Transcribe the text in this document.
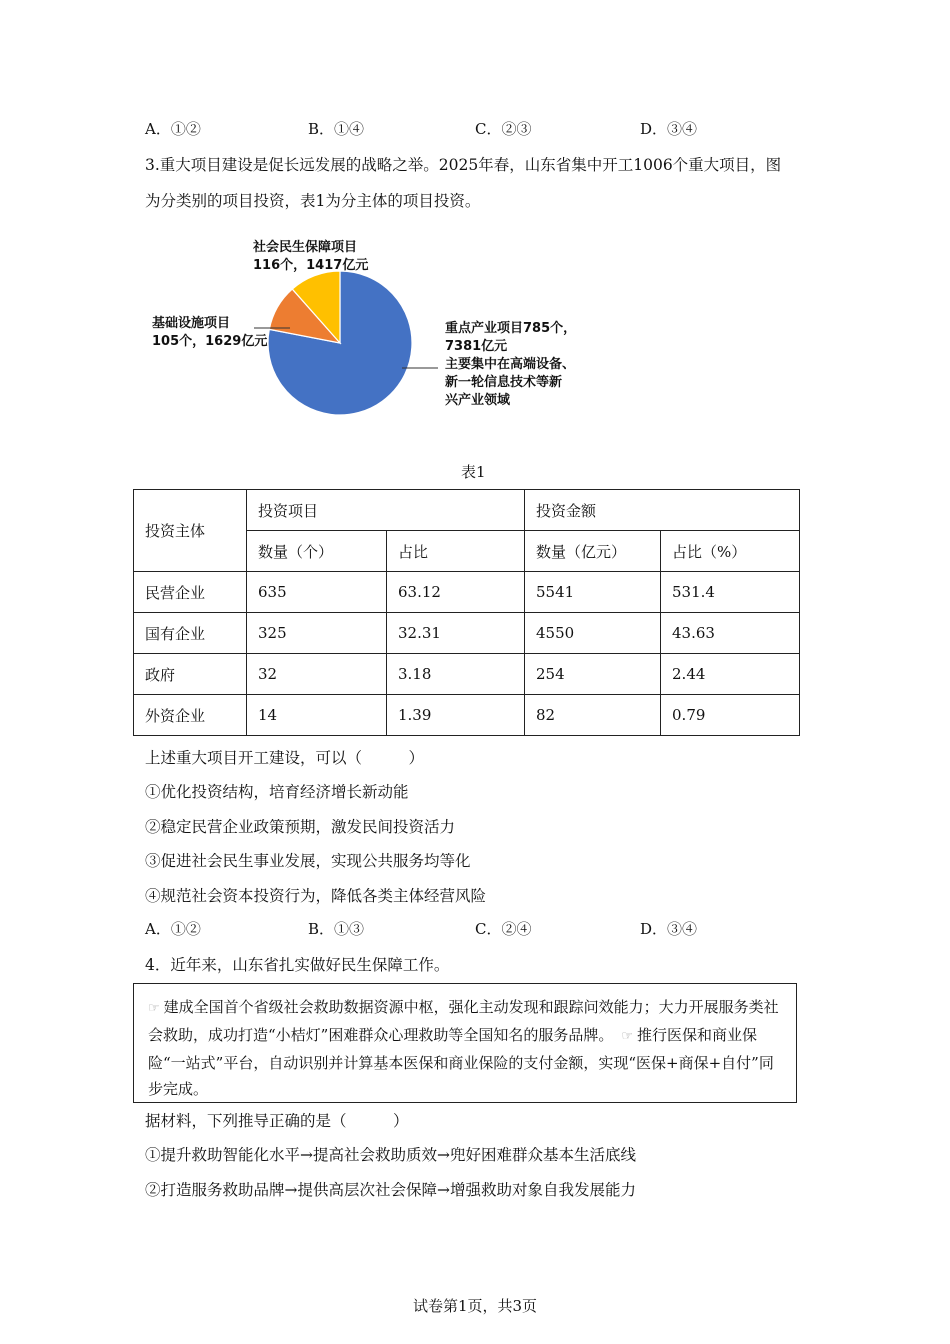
A．①②	B．①④	C．②③	D．③④
3.重大项目建设是促长远发展的战略之举。2025年春，山东省集中开工1006个重大项目，图
为分类别的项目投资，表1为分主体的项目投资。
社会民生保障项目
116个，1417亿元
基础设施项目
105个，1629亿元
重点产业项目785个，
7381亿元
主要集中在高端设备、
新一轮信息技术等新
兴产业领域
表1
投资主体	投资项目		投资金额	
	数量（个）	占比	数量（亿元）	占比（%）
民营企业	635	63.12	5541	531.4
国有企业	325	32.31	4550	43.63
政府	32	3.18	254	2.44
外资企业	14	1.39	82	0.79
上述重大项目开工建设，可以（　　　）
①优化投资结构，培育经济增长新动能
②稳定民营企业政策预期，激发民间投资活力
③促进社会民生事业发展，实现公共服务均等化
④规范社会资本投资行为，降低各类主体经营风险
A．①②	B．①③	C．②④	D．③④
4．近年来，山东省扎实做好民生保障工作。
☞ 建成全国首个省级社会救助数据资源中枢，强化主动发现和跟踪问效能力；大力开展服务类社会救助，成功打造“小桔灯”困难群众心理救助等全国知名的服务品牌。 ☞ 推行医保和商业保险“一站式”平台，自动识别并计算基本医保和商业保险的支付金额，实现“医保+商保+自付”同步完成。
据材料，下列推导正确的是（　　　）
①提升救助智能化水平→提高社会救助质效→兜好困难群众基本生活底线
②打造服务救助品牌→提供高层次社会保障→增强救助对象自我发展能力
试卷第1页，共3页
